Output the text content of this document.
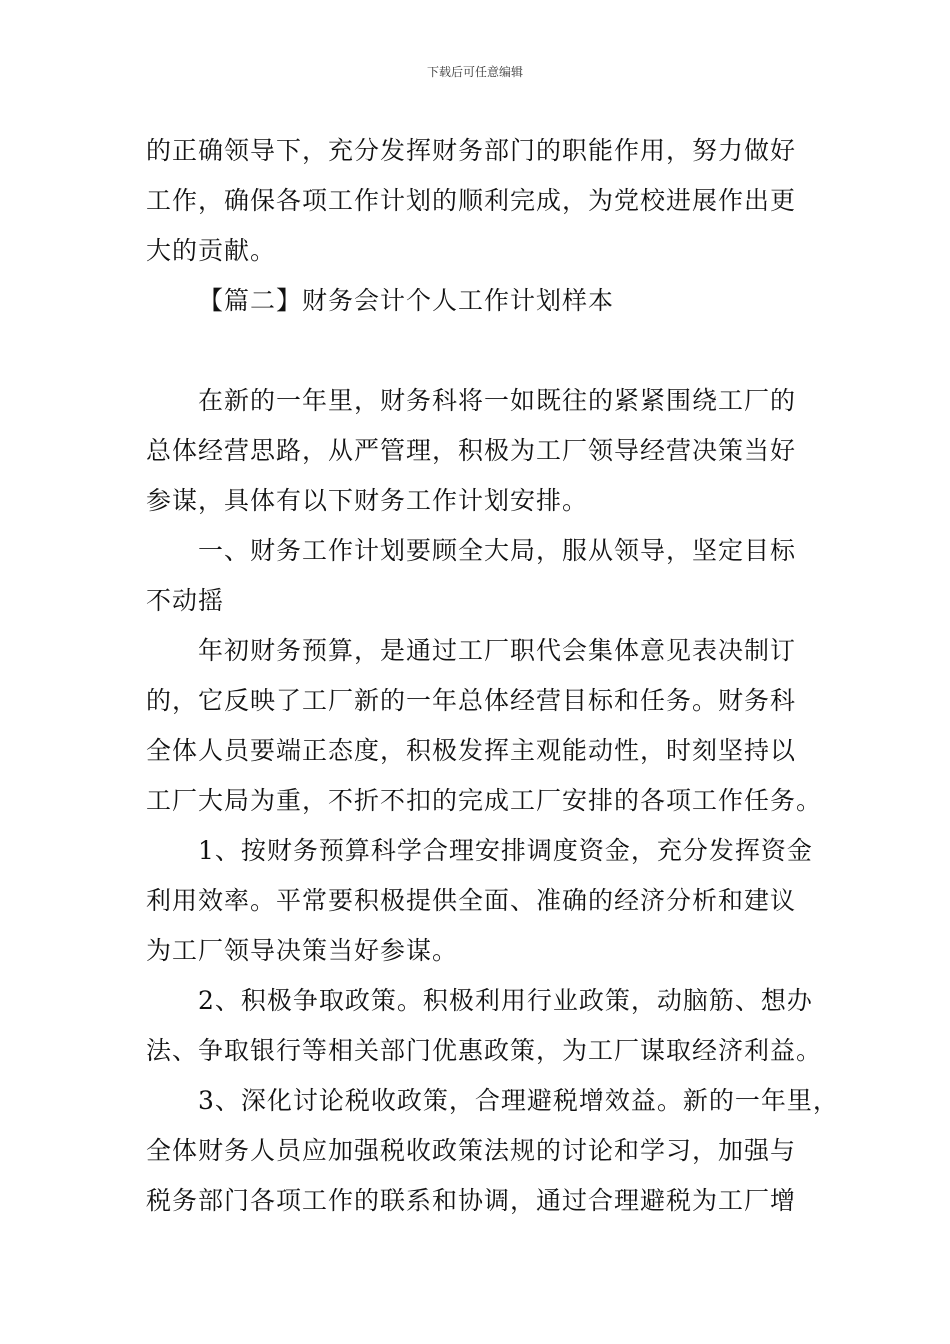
下载后可任意编辑
的正确领导下，充分发挥财务部门的职能作用，努力做好
工作，确保各项工作计划的顺利完成，为党校进展作出更
大的贡献。
【篇二】财务会计个人工作计划样本
在新的一年里，财务科将一如既往的紧紧围绕工厂的
总体经营思路，从严管理，积极为工厂领导经营决策当好
参谋，具体有以下财务工作计划安排。
一、财务工作计划要顾全大局，服从领导，坚定目标
不动摇
年初财务预算，是通过工厂职代会集体意见表决制订
的，它反映了工厂新的一年总体经营目标和任务。财务科
全体人员要端正态度，积极发挥主观能动性，时刻坚持以
工厂大局为重，不折不扣的完成工厂安排的各项工作任务。
1、按财务预算科学合理安排调度资金，充分发挥资金
利用效率。平常要积极提供全面、准确的经济分析和建议
为工厂领导决策当好参谋。
2、积极争取政策。积极利用行业政策，动脑筋、想办
法、争取银行等相关部门优惠政策，为工厂谋取经济利益。
3、深化讨论税收政策，合理避税增效益。新的一年里，
全体财务人员应加强税收政策法规的讨论和学习，加强与
税务部门各项工作的联系和协调，通过合理避税为工厂增
